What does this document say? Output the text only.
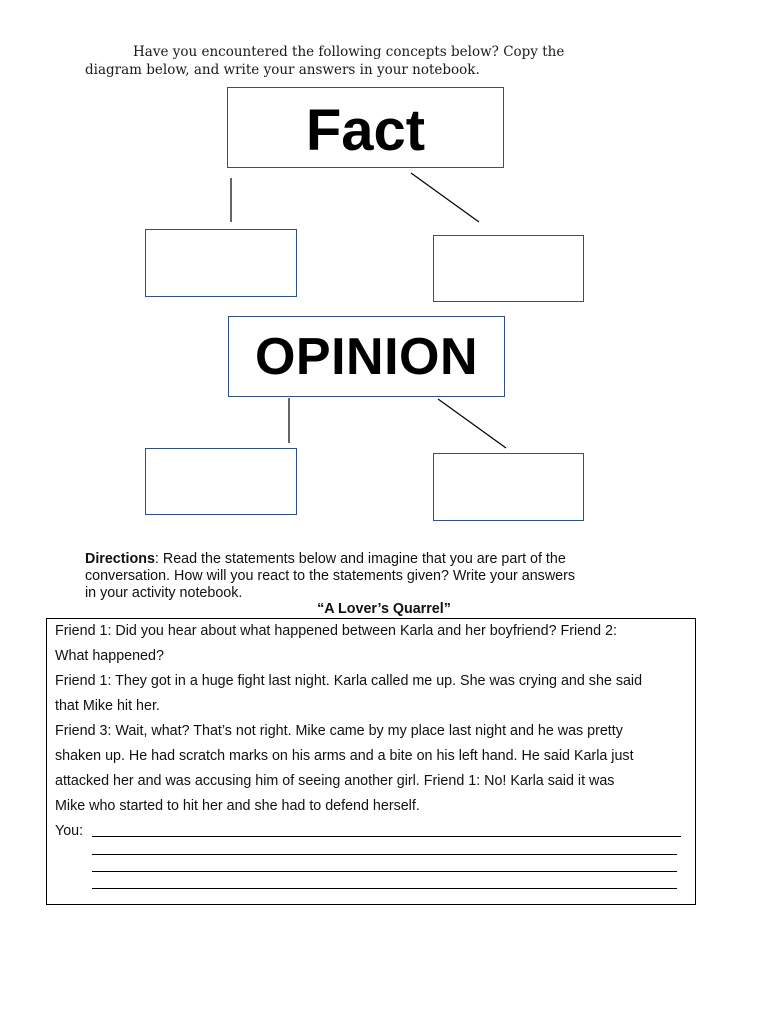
Have you encountered the following concepts below? Copy the
diagram below, and write your answers in your notebook.
Fact
OPINION
Directions: Read the statements below and imagine that you are part of the
conversation. How will you react to the statements given? Write your answers
in your activity notebook.
“A Lover’s Quarrel”
Friend 1: Did you hear about what happened between Karla and her boyfriend? Friend 2:
What happened?
Friend 1: They got in a huge fight last night. Karla called me up. She was crying and she said
that Mike hit her.
Friend 3: Wait, what? That’s not right. Mike came by my place last night and he was pretty
shaken up. He had scratch marks on his arms and a bite on his left hand. He said Karla just
attacked her and was accusing him of seeing another girl. Friend 1: No! Karla said it was
Mike who started to hit her and she had to defend herself.
You:
